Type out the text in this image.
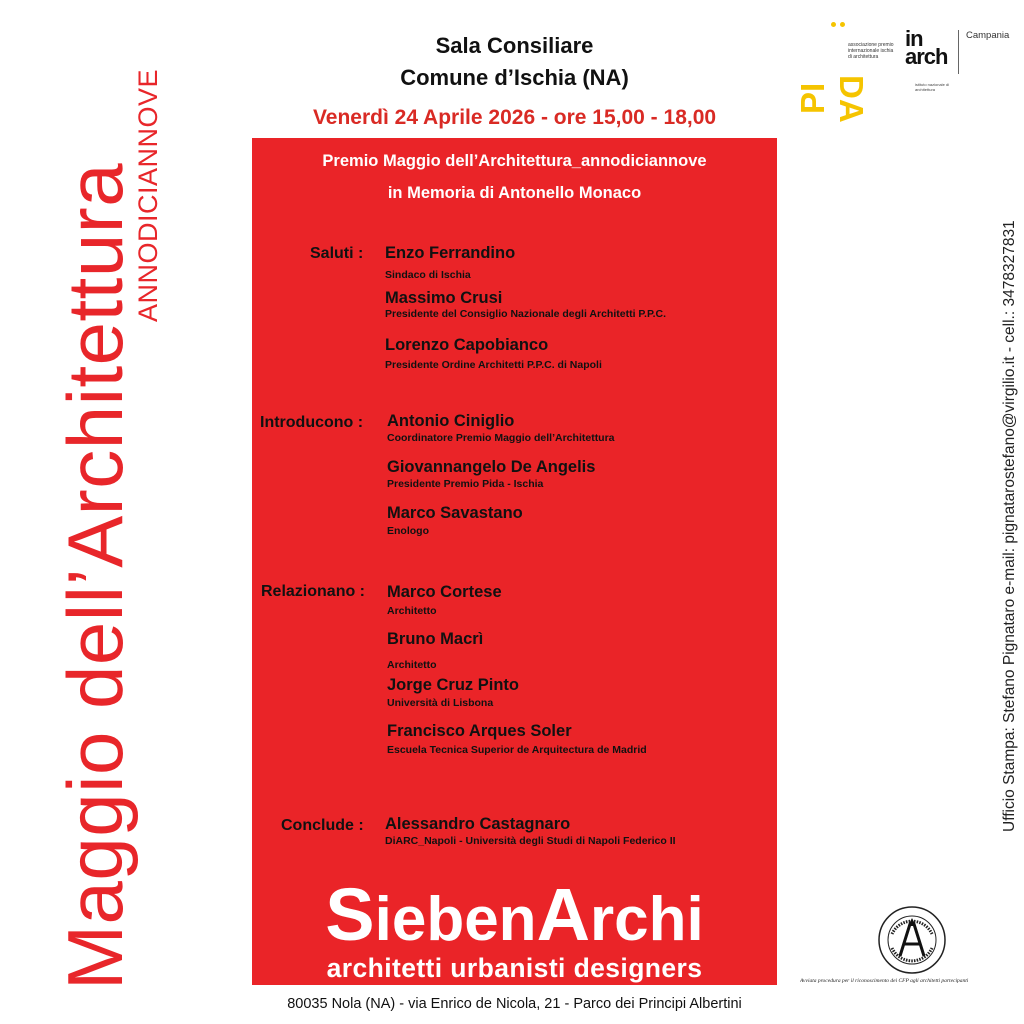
Maggio dell’Architettura
ANNODICIANNOVE
Ufficio Stampa: Stefano Pignataro e-mail: pignatarostefano@virgilio.it - cell.: 3478327831
Sala Consiliare
Comune d’Ischia (NA)
Venerdì 24 Aprile 2026 - ore 15,00 - 18,00
Premio Maggio dell’Architettura_annodiciannove
in Memoria di Antonello Monaco
Saluti : Enzo Ferrandino
Sindaco di Ischia
Massimo Crusi
Presidente del Consiglio Nazionale degli Architetti P.P.C.
Lorenzo Capobianco
Presidente Ordine Architetti P.P.C. di Napoli
Introducono : Antonio Ciniglio
Coordinatore Premio Maggio dell’Architettura
Giovannangelo De Angelis
Presidente Premio Pida - Ischia
Marco Savastano
Enologo
Relazionano : Marco Cortese
Architetto
Bruno Macrì
Architetto
Jorge Cruz Pinto
Università di Lisbona
Francisco Arques Soler
Escuela Tecnica Superior de Arquitectura de Madrid
Conclude : Alessandro Castagnaro
DiARC_Napoli - Università degli Studi di Napoli Federico II
SiebenArchi
architetti urbanisti designers
80035 Nola (NA) - via Enrico de Nicola, 21 - Parco dei Principi Albertini
PI DA
associazione premio internazionale ischia di architettura
in arch
istituto nazionale di architettura
Campania
Avviata procedura per il riconoscimento dei CFP agli architetti partecipanti
